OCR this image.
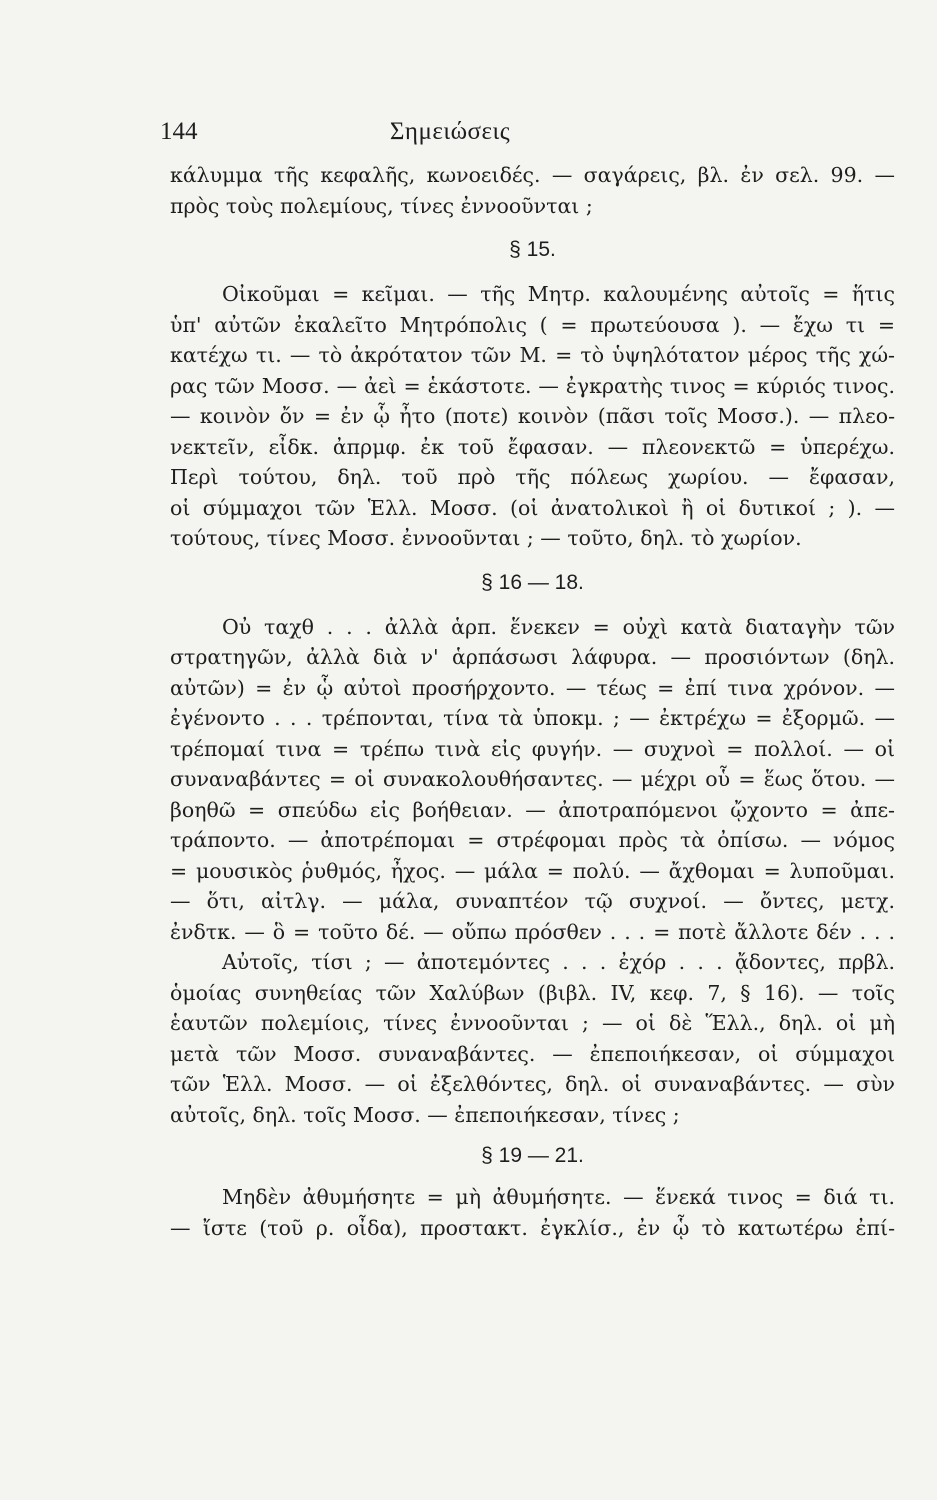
144	Σημειώσεις
κάλυμμα τῆς κεφαλῆς, κωνοειδές. — σαγάρεις, βλ. ἐν σελ. 99. —
πρὸς τοὺς πολεμίους, τίνες ἐννοοῦνται ;
§ 15.
Οἰκοῦμαι = κεῖμαι. — τῆς Μητρ. καλουμένης αὐτοῖς = ἥτις
ὑπ' αὐτῶν ἐκαλεῖτο Μητρόπολις ( = πρωτεύουσα ). — ἔχω τι =
κατέχω τι. — τὸ ἀκρότατον τῶν Μ. = τὸ ὑψηλότατον μέρος τῆς χώ-
ρας τῶν Μοσσ. — ἀεὶ = ἑκάστοτε. — ἐγκρατὴς τινος = κύριός τινος.
— κοινὸν ὄν = ἐν ᾧ ἦτο (ποτε) κοινὸν (πᾶσι τοῖς Μοσσ.). — πλεο-
νεκτεῖν, εἶδκ. ἀπρμφ. ἐκ τοῦ ἔφασαν. — πλεονεκτῶ = ὑπερέχω.
Περὶ τούτου, δηλ. τοῦ πρὸ τῆς πόλεως χωρίου. — ἔφασαν,
οἱ σύμμαχοι τῶν Ἑλλ. Μοσσ. (οἱ ἀνατολικοὶ ἢ οἱ δυτικοί ; ). —
τούτους, τίνες Μοσσ. ἐννοοῦνται ; — τοῦτο, δηλ. τὸ χωρίον.
§ 16 — 18.
Οὐ ταχθ . . . ἀλλὰ ἁρπ. ἕνεκεν = οὐχὶ κατὰ διαταγὴν τῶν
στρατηγῶν, ἀλλὰ διὰ ν' ἁρπάσωσι λάφυρα. — προσιόντων (δηλ.
αὐτῶν) = ἐν ᾧ αὐτοὶ προσήρχοντο. — τέως = ἐπί τινα χρόνον. —
ἐγένοντο . . . τρέπονται, τίνα τὰ ὑποκμ. ; — ἐκτρέχω = ἐξορμῶ. —
τρέπομαί τινα = τρέπω τινὰ εἰς φυγήν. — συχνοὶ = πολλοί. — οἱ
συναναβάντες = οἱ συνακολουθήσαντες. — μέχρι οὗ = ἕως ὅτου. —
βοηθῶ = σπεύδω εἰς βοήθειαν. — ἀποτραπόμενοι ᾤχοντο = ἀπε-
τράποντο. — ἀποτρέπομαι = στρέφομαι πρὸς τὰ ὀπίσω. — νόμος
= μουσικὸς ῥυθμός, ἦχος. — μάλα = πολύ. — ἄχθομαι = λυποῦμαι.
— ὅτι, αἰτλγ. — μάλα, συναπτέον τῷ συχνοί. — ὄντες, μετχ.
ἐνδτκ. — ὃ = τοῦτο δέ. — οὔπω πρόσθεν . . . = ποτὲ ἄλλοτε δέν . . .
Αὐτοῖς, τίσι ; — ἀποτεμόντες . . . ἐχόρ . . . ᾄδοντες, πρβλ.
ὁμοίας συνηθείας τῶν Χαλύβων (βιβλ. IV, κεφ. 7, § 16). — τοῖς
ἑαυτῶν πολεμίοις, τίνες ἐννοοῦνται ; — οἱ δὲ Ἕλλ., δηλ. οἱ μὴ
μετὰ τῶν Μοσσ. συναναβάντες. — ἐπεποιήκεσαν, οἱ σύμμαχοι
τῶν Ἑλλ. Μοσσ. — οἱ ἐξελθόντες, δηλ. οἱ συναναβάντες. — σὺν
αὐτοῖς, δηλ. τοῖς Μοσσ. — ἐπεποιήκεσαν, τίνες ;
§ 19 — 21.
Μηδὲν ἀθυμήσητε = μὴ ἀθυμήσητε. — ἕνεκά τινος = διά τι.
— ἴστε (τοῦ ρ. οἶδα), προστακτ. ἐγκλίσ., ἐν ᾧ τὸ κατωτέρω ἐπί-
